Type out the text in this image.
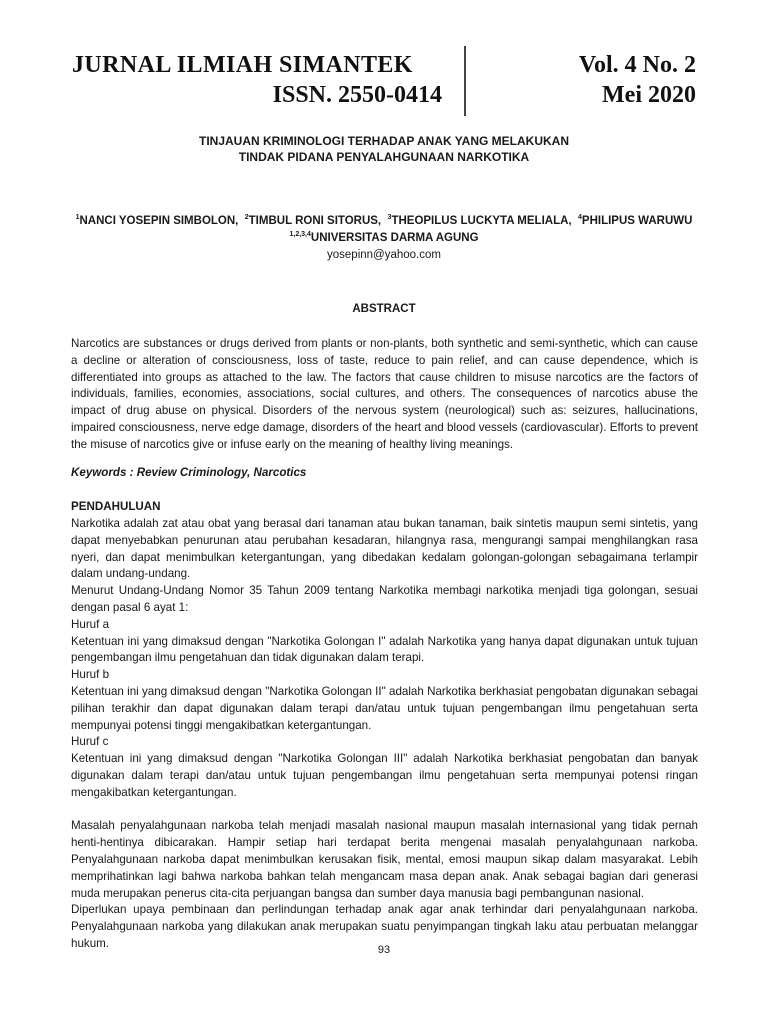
JURNAL ILMIAH SIMANTEK
ISSN. 2550-0414
Vol. 4 No. 2
Mei 2020
TINJAUAN KRIMINOLOGI TERHADAP ANAK YANG MELAKUKAN
TINDAK PIDANA PENYALAHGUNAAN NARKOTIKA
$^1$NANCI YOSEPIN SIMBOLON, $^2$TIMBUL RONI SITORUS, $^3$THEOPILUS LUCKYTA MELIALA, $^4$PHILIPUS WARUWU
$^{1,2,3,4}$UNIVERSITAS DARMA AGUNG
yosepinn@yahoo.com
ABSTRACT
Narcotics are substances or drugs derived from plants or non-plants, both synthetic and semi-synthetic, which can cause a decline or alteration of consciousness, loss of taste, reduce to pain relief, and can cause dependence, which is differentiated into groups as attached to the law. The factors that cause children to misuse narcotics are the factors of individuals, families, economies, associations, social cultures, and others. The consequences of narcotics abuse the impact of drug abuse on physical. Disorders of the nervous system (neurological) such as: seizures, hallucinations, impaired consciousness, nerve edge damage, disorders of the heart and blood vessels (cardiovascular). Efforts to prevent the misuse of narcotics give or infuse early on the meaning of healthy living meanings.
Keywords : Review Criminology, Narcotics
PENDAHULUAN

Narkotika adalah zat atau obat yang berasal dari tanaman atau bukan tanaman, baik sintetis maupun semi sintetis, yang dapat menyebabkan penurunan atau perubahan kesadaran, hilangnya rasa, mengurangi sampai menghilangkan rasa nyeri, dan dapat menimbulkan ketergantungan, yang dibedakan kedalam golongan-golongan sebagaimana terlampir dalam undang-undang.

Menurut Undang-Undang Nomor 35 Tahun 2009 tentang Narkotika membagi narkotika menjadi tiga golongan, sesuai dengan pasal 6 ayat 1:

Huruf a

Ketentuan ini yang dimaksud dengan "Narkotika Golongan I" adalah Narkotika yang hanya dapat digunakan untuk tujuan pengembangan ilmu pengetahuan dan tidak digunakan dalam terapi.

Huruf b

Ketentuan ini yang dimaksud dengan "Narkotika Golongan II" adalah Narkotika berkhasiat pengobatan digunakan sebagai pilihan terakhir dan dapat digunakan dalam terapi dan/atau untuk tujuan pengembangan ilmu pengetahuan serta mempunyai potensi tinggi mengakibatkan ketergantungan.

Huruf c

Ketentuan ini yang dimaksud dengan "Narkotika Golongan III" adalah Narkotika berkhasiat pengobatan dan banyak digunakan dalam terapi dan/atau untuk tujuan pengembangan ilmu pengetahuan serta mempunyai potensi ringan mengakibatkan ketergantungan.

Masalah penyalahgunaan narkoba telah menjadi masalah nasional maupun masalah internasional yang tidak pernah henti-hentinya dibicarakan. Hampir setiap hari terdapat berita mengenai masalah penyalahgunaan narkoba. Penyalahgunaan narkoba dapat menimbulkan kerusakan fisik, mental, emosi maupun sikap dalam masyarakat. Lebih memprihatinkan lagi bahwa narkoba bahkan telah mengancam masa depan anak. Anak sebagai bagian dari generasi muda merupakan penerus cita-cita perjuangan bangsa dan sumber daya manusia bagi pembangunan nasional.

Diperlukan upaya pembinaan dan perlindungan terhadap anak agar anak terhindar dari penyalahgunaan narkoba. Penyalahgunaan narkoba yang dilakukan anak merupakan suatu penyimpangan tingkah laku atau perbuatan melanggar hukum.

93
